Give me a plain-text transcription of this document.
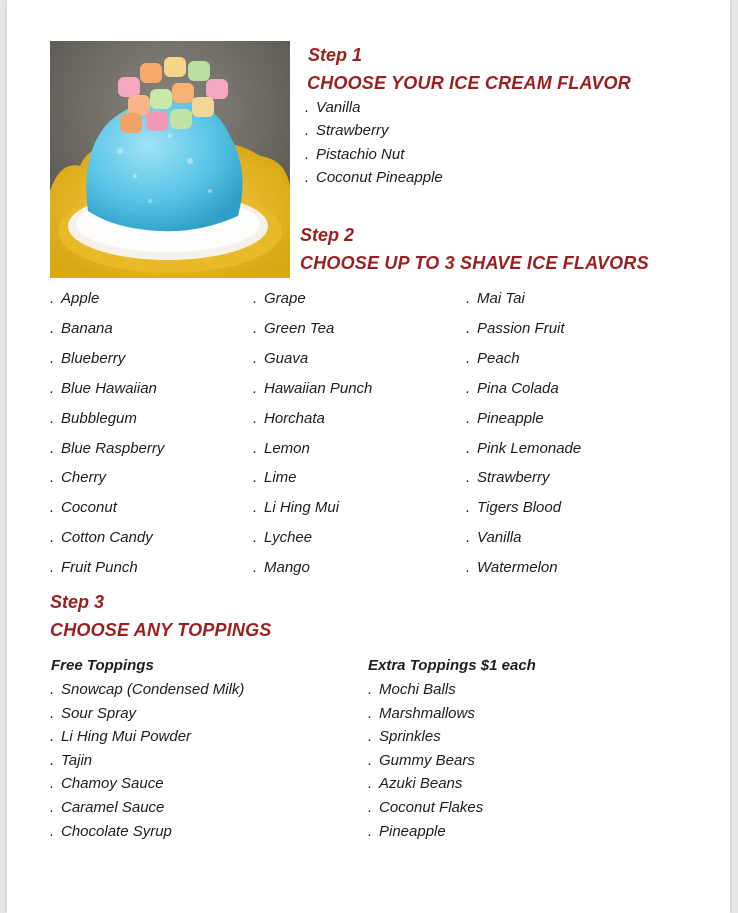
Step 1
CHOOSE YOUR ICE CREAM FLAVOR
. Vanilla
. Strawberry
. Pistachio Nut
. Coconut Pineapple
Step 2
CHOOSE UP TO 3 SHAVE ICE FLAVORS
. Apple
. Banana
. Blueberry
. Blue Hawaiian
. Bubblegum
. Blue Raspberry
. Cherry
. Coconut
. Cotton Candy
. Fruit Punch
. Grape
. Green Tea
. Guava
. Hawaiian Punch
. Horchata
. Lemon
. Lime
. Li Hing Mui
. Lychee
. Mango
. Mai Tai
. Passion Fruit
. Peach
. Pina Colada
. Pineapple
. Pink Lemonade
. Strawberry
. Tigers Blood
. Vanilla
. Watermelon
Step 3
CHOOSE ANY TOPPINGS
Free Toppings	Extra Toppings $1 each
. Snowcap (Condensed Milk)
. Sour Spray
. Li Hing Mui Powder
. Tajin
. Chamoy Sauce
. Caramel Sauce
. Chocolate Syrup
. Mochi Balls
. Marshmallows
. Sprinkles
. Gummy Bears
. Azuki Beans
. Coconut Flakes
. Pineapple
